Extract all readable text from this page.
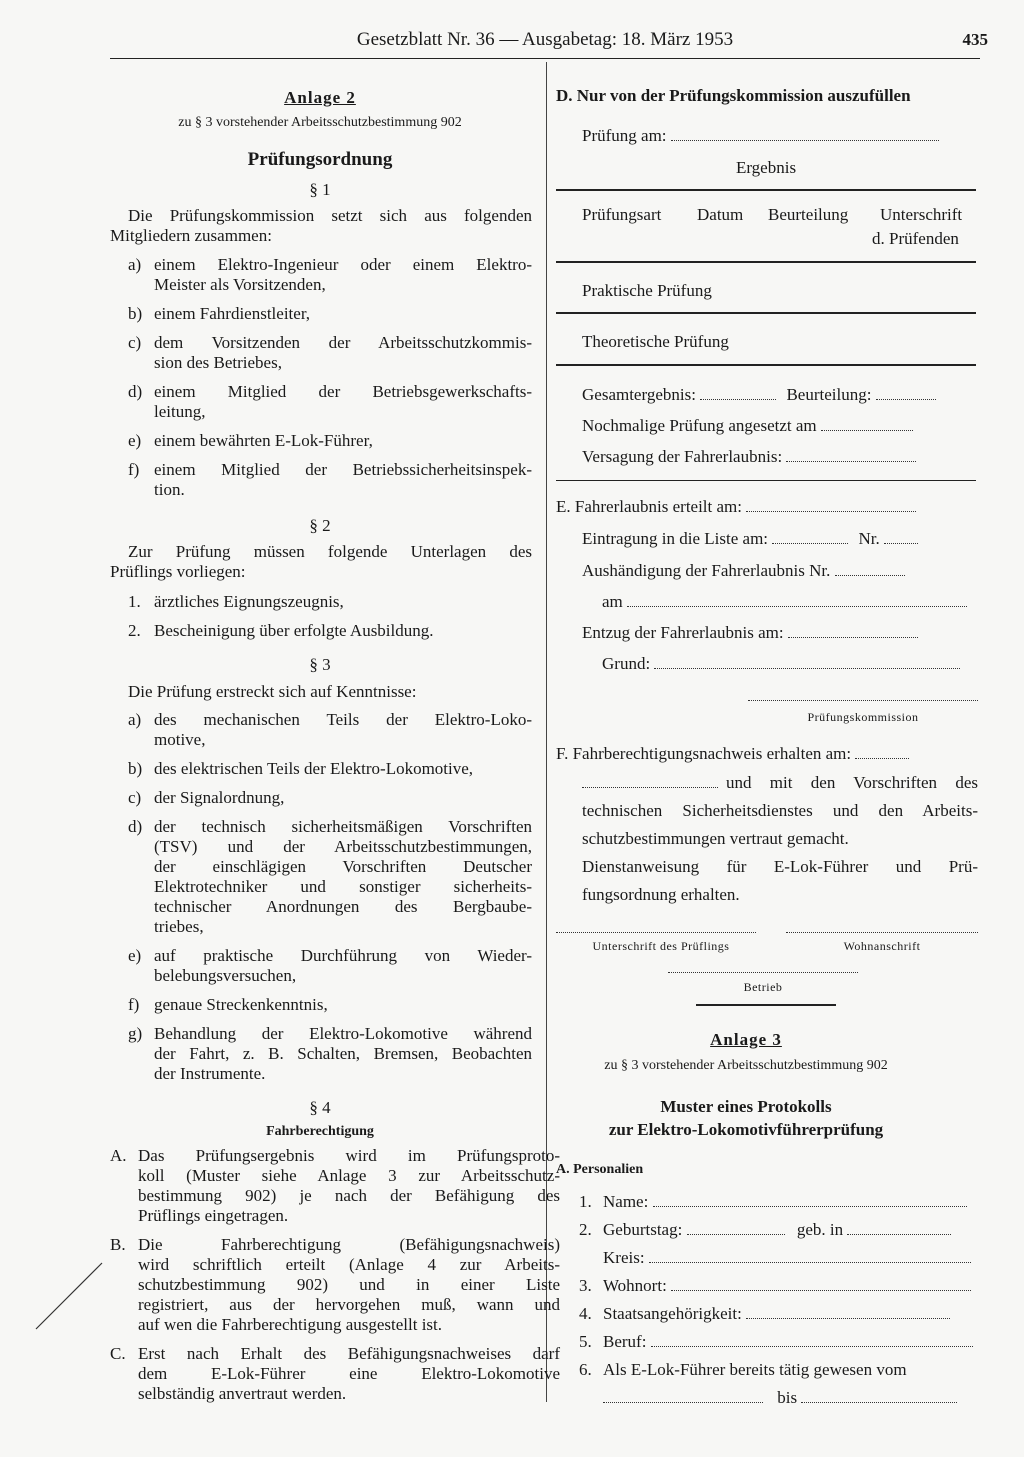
Gesetzblatt Nr. 36 — Ausgabetag: 18. März 1953	435
Anlage 2
zu § 3 vorstehender Arbeitsschutzbestimmung 902
Prüfungsordnung
§ 1
Die Prüfungskommission setzt sich aus folgenden
Mitgliedern zusammen:
a) einem Elektro-Ingenieur oder einem Elektro-
Meister als Vorsitzenden,
b) einem Fahrdienstleiter,
c) dem Vorsitzenden der Arbeitsschutzkommis-
sion des Betriebes,
d) einem Mitglied der Betriebsgewerkschafts-
leitung,
e) einem bewährten E-Lok-Führer,
f) einem Mitglied der Betriebssicherheitsinspek-
tion.
§ 2
Zur Prüfung müssen folgende Unterlagen des
Prüflings vorliegen:
1. ärztliches Eignungszeugnis,
2. Bescheinigung über erfolgte Ausbildung.
§ 3
Die Prüfung erstreckt sich auf Kenntnisse:
a) des mechanischen Teils der Elektro-Loko-
motive,
b) des elektrischen Teils der Elektro-Lokomotive,
c) der Signalordnung,
d) der technisch sicherheitsmäßigen Vorschriften
(TSV) und der Arbeitsschutzbestimmungen,
der einschlägigen Vorschriften Deutscher
Elektrotechniker und sonstiger sicherheits-
technischer Anordnungen des Bergbaube-
triebes,
e) auf praktische Durchführung von Wieder-
belebungsversuchen,
f) genaue Streckenkenntnis,
g) Behandlung der Elektro-Lokomotive während
der Fahrt, z. B. Schalten, Bremsen, Beobachten
der Instrumente.
§ 4
Fahrberechtigung
A. Das Prüfungsergebnis wird im Prüfungsproto-
koll (Muster siehe Anlage 3 zur Arbeitsschutz-
bestimmung 902) je nach der Befähigung des
Prüflings eingetragen.
B. Die Fahrberechtigung (Befähigungsnachweis)
wird schriftlich erteilt (Anlage 4 zur Arbeits-
schutzbestimmung 902) und in einer Liste
registriert, aus der hervorgehen muß, wann und
auf wen die Fahrberechtigung ausgestellt ist.
C. Erst nach Erhalt des Befähigungsnachweises darf
dem E-Lok-Führer eine Elektro-Lokomotive
selbständig anvertraut werden.
D. Nur von der Prüfungskommission auszufüllen
Prüfung am:
Ergebnis
Prüfungsart Datum Beurteilung Unterschrift
d. Prüfenden
Praktische Prüfung
Theoretische Prüfung
Gesamtergebnis:	Beurteilung:
Nochmalige Prüfung angesetzt am
Versagung der Fahrerlaubnis:
E. Fahrerlaubnis erteilt am:
Eintragung in die Liste am:	Nr.
Aushändigung der Fahrerlaubnis Nr.
am
Entzug der Fahrerlaubnis am:
Grund:
Prüfungskommission
F. Fahrberechtigungsnachweis erhalten am:
und mit den Vorschriften des
technischen Sicherheitsdienstes und den Arbeits-
schutzbestimmungen vertraut gemacht.
Dienstanweisung für E-Lok-Führer und Prü-
fungsordnung erhalten.
Unterschrift des Prüflings	Wohnanschrift
Betrieb
Anlage 3
zu § 3 vorstehender Arbeitsschutzbestimmung 902
Muster eines Protokolls
zur Elektro-Lokomotivführerprüfung
A. Personalien
1. Name:
2. Geburtstag:	geb. in
Kreis:
3. Wohnort:
4. Staatsangehörigkeit:
5. Beruf:
6. Als E-Lok-Führer bereits tätig gewesen vom
bis
